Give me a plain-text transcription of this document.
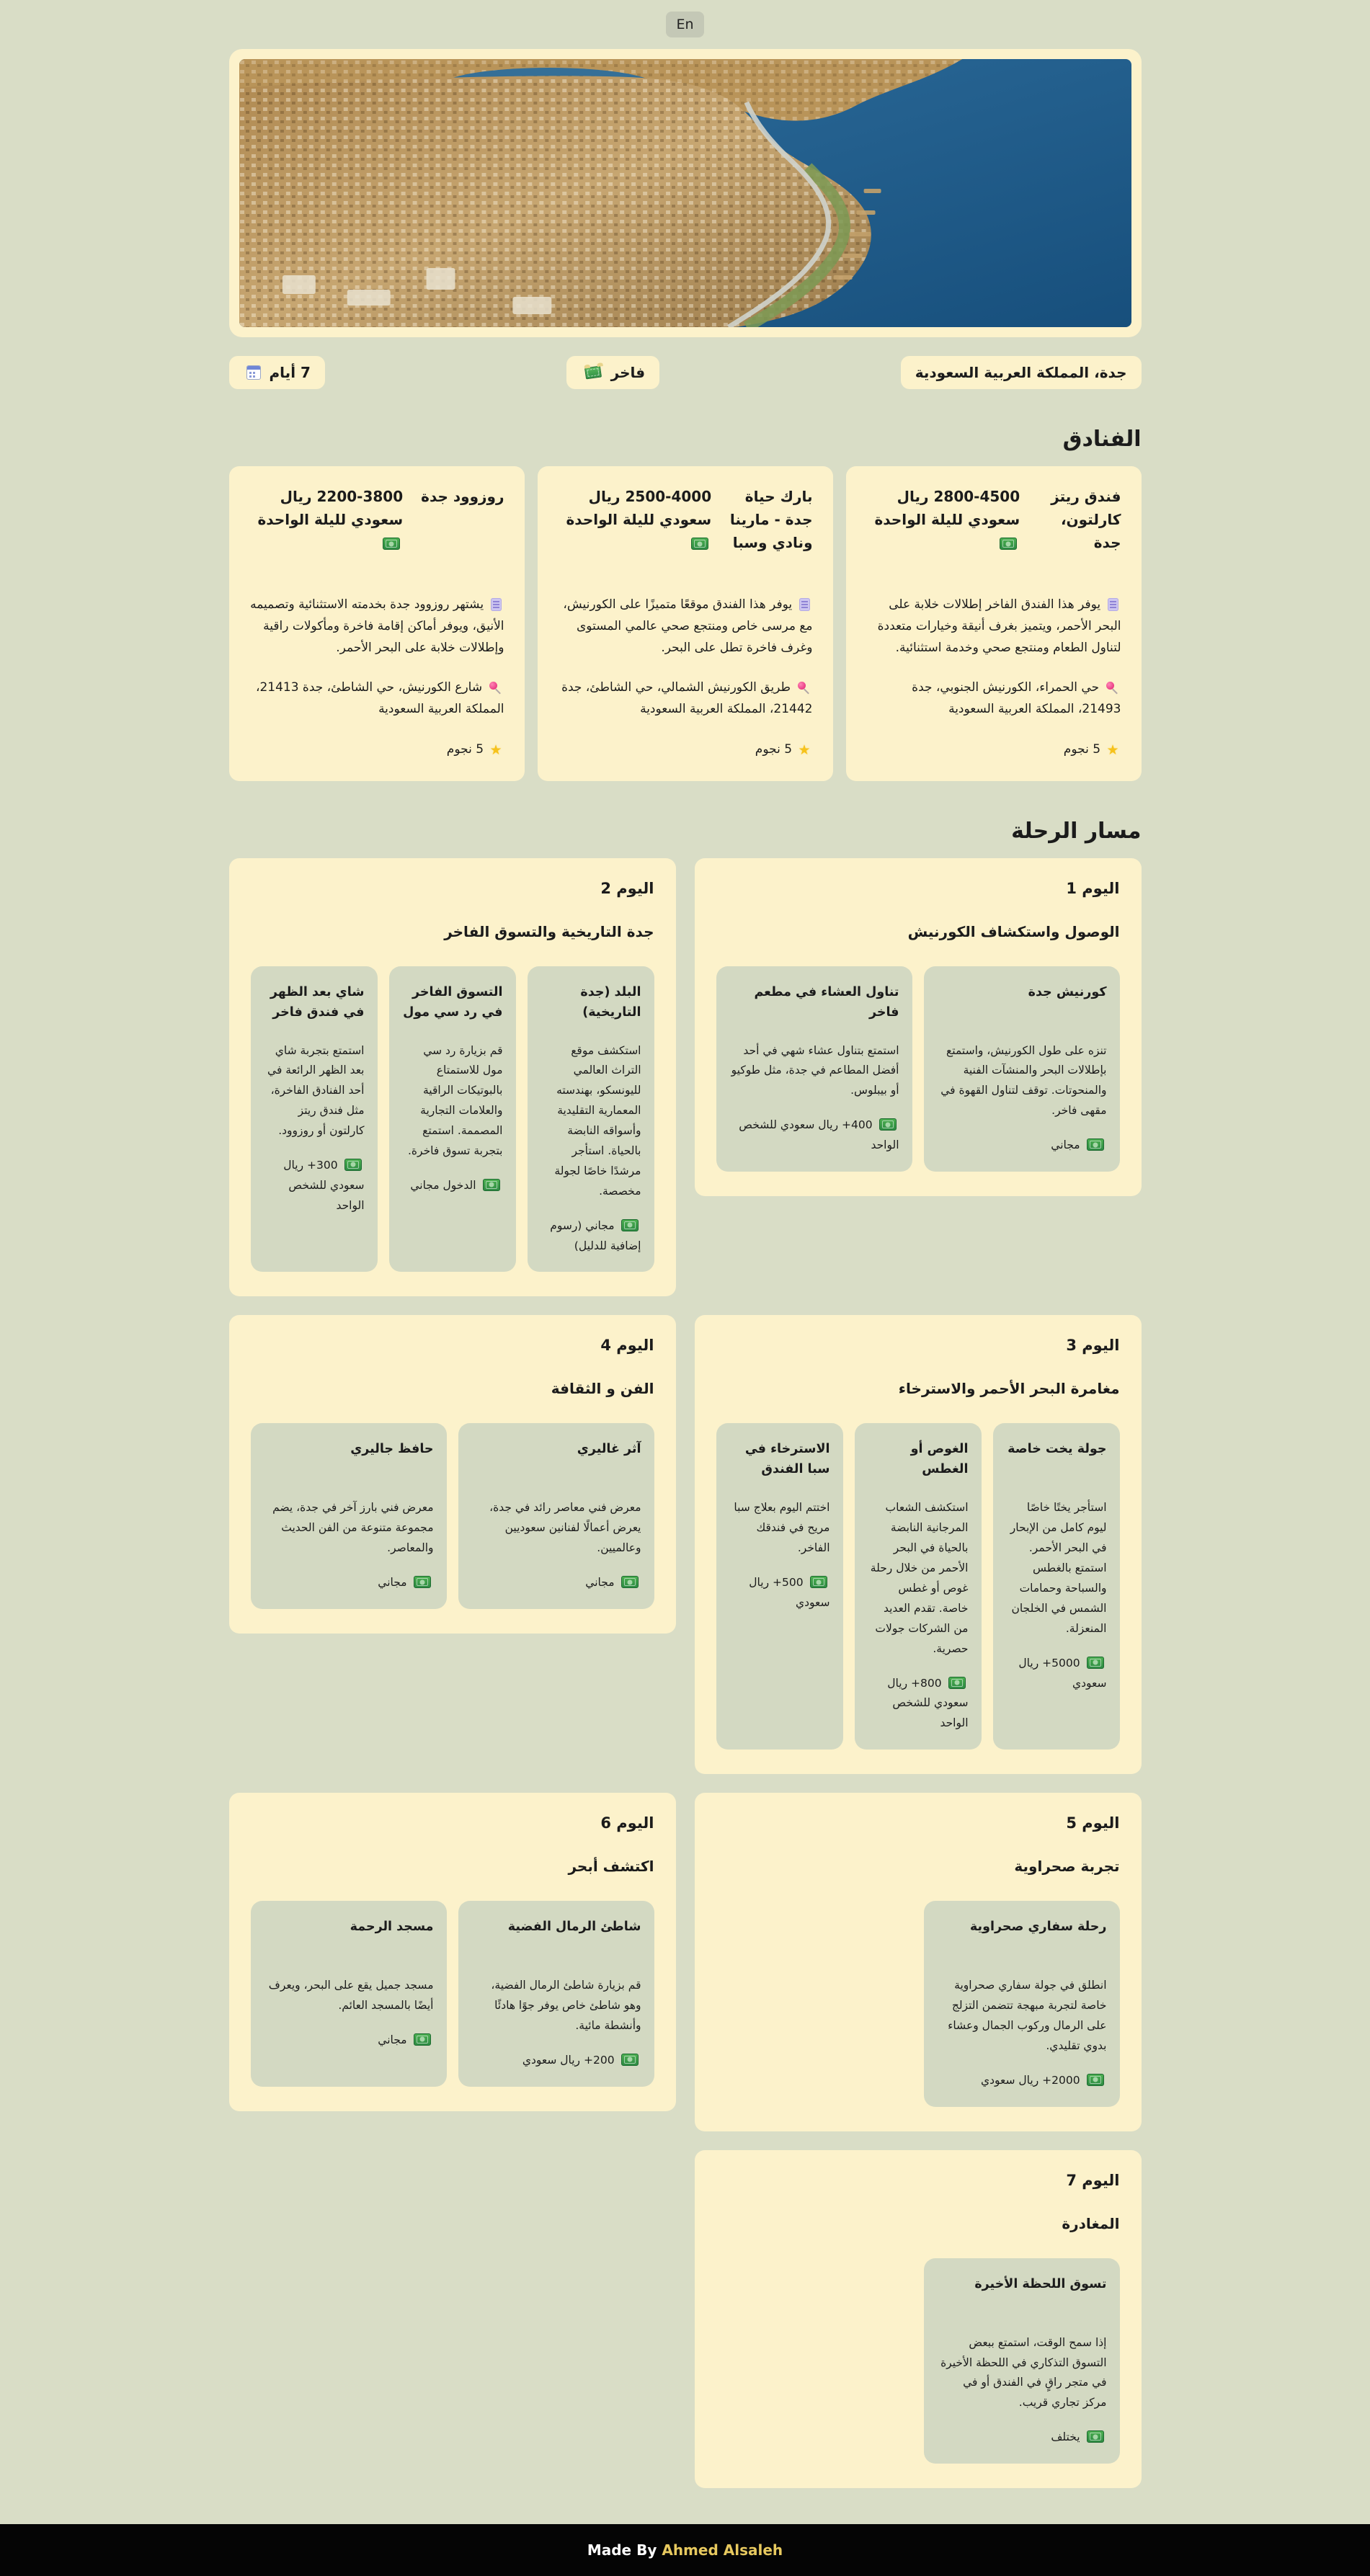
En
جدة، المملكة العربية السعودية
فاخر
7 أيام
الفنادق
فندق ريتز كارلتون، جدة
2800-4500 ريال سعودي لليلة الواحدة

يوفر هذا الفندق الفاخر إطلالات خلابة على البحر الأحمر، ويتميز بغرف أنيقة وخيارات متعددة لتناول الطعام ومنتجع صحي وخدمة استثنائية.

حي الحمراء، الكورنيش الجنوبي، جدة 21493، المملكة العربية السعودية

★ 5 نجوم

بارك حياة جدة - مارينا ونادي وسبا
2500-4000 ريال سعودي لليلة الواحدة

يوفر هذا الفندق موقعًا متميزًا على الكورنيش، مع مرسى خاص ومنتجع صحي عالمي المستوى وغرف فاخرة تطل على البحر.

طريق الكورنيش الشمالي، حي الشاطئ، جدة 21442، المملكة العربية السعودية

★ 5 نجوم

روزوود جدة
2200-3800 ريال سعودي لليلة الواحدة

يشتهر روزوود جدة بخدمته الاستثنائية وتصميمه الأنيق، ويوفر أماكن إقامة فاخرة ومأكولات راقية وإطلالات خلابة على البحر الأحمر.

شارع الكورنيش، حي الشاطئ، جدة 21413، المملكة العربية السعودية

★ 5 نجوم

مسار الرحلة
اليوم 1
الوصول واستكشاف الكورنيش
كورنيش جدة

تنزه على طول الكورنيش، واستمتع بإطلالات البحر والمنشآت الفنية والمنحوتات. توقف لتناول القهوة في مقهى فاخر.

مجاني
تناول العشاء في مطعم فاخر

استمتع بتناول عشاء شهي في أحد أفضل المطاعم في جدة، مثل طوكيو أو بيبلوس.

400+ ريال سعودي للشخص الواحد
اليوم 2
جدة التاريخية والتسوق الفاخر
البلد (جدة التاريخية)

استكشف موقع التراث العالمي لليونسكو، بهندسته المعمارية التقليدية وأسواقه النابضة بالحياة. استأجر مرشدًا خاصًا لجولة مخصصة.

مجاني (رسوم إضافية للدليل)
التسوق الفاخر في رد سي مول

قم بزيارة رد سي مول للاستمتاع بالبوتيكات الراقية والعلامات التجارية المصممة. استمتع بتجربة تسوق فاخرة.

الدخول مجاني
شاي بعد الظهر في فندق فاخر

استمتع بتجربة شاي بعد الظهر الرائعة في أحد الفنادق الفاخرة، مثل فندق ريتز كارلتون أو روزوود.

300+ ريال سعودي للشخص الواحد
اليوم 3
مغامرة البحر الأحمر والاسترخاء
جولة يخت خاصة

استأجر يختًا خاصًا ليوم كامل من الإبحار في البحر الأحمر. استمتع بالغطس والسباحة وحمامات الشمس في الخلجان المنعزلة.

5000+ ريال سعودي
الغوص أو الغطس

استكشف الشعاب المرجانية النابضة بالحياة في البحر الأحمر من خلال رحلة غوص أو غطس خاصة. تقدم العديد من الشركات جولات حصرية.

800+ ريال سعودي للشخص الواحد
الاسترخاء في سبا الفندق

اختتم اليوم بعلاج سبا مريح في فندقك الفاخر.

500+ ريال سعودي
اليوم 4
الفن و الثقافة
آثر غاليري

معرض فني معاصر رائد في جدة، يعرض أعمالًا لفنانين سعوديين وعالميين.

مجاني
حافظ جاليري

معرض فني بارز آخر في جدة، يضم مجموعة متنوعة من الفن الحديث والمعاصر.

مجاني
اليوم 5
تجربة صحراوية
رحلة سفاري صحراوية

انطلق في جولة سفاري صحراوية خاصة لتجربة مبهجة تتضمن التزلج على الرمال وركوب الجمال وعشاء بدوي تقليدي.

2000+ ريال سعودي
اليوم 6
اكتشف أبحر
شاطئ الرمال الفضية

قم بزيارة شاطئ الرمال الفضية، وهو شاطئ خاص يوفر جوًا هادئًا وأنشطة مائية.

200+ ريال سعودي
مسجد الرحمة

مسجد جميل يقع على البحر، ويعرف أيضًا بالمسجد العائم.

مجاني
اليوم 7
المغادرة
تسوق اللحظة الأخيرة

إذا سمح الوقت، استمتع ببعض التسوق التذكاري في اللحظة الأخيرة في متجر راقٍ في الفندق أو في مركز تجاري قريب.

يختلف
Made By Ahmed Alsaleh
